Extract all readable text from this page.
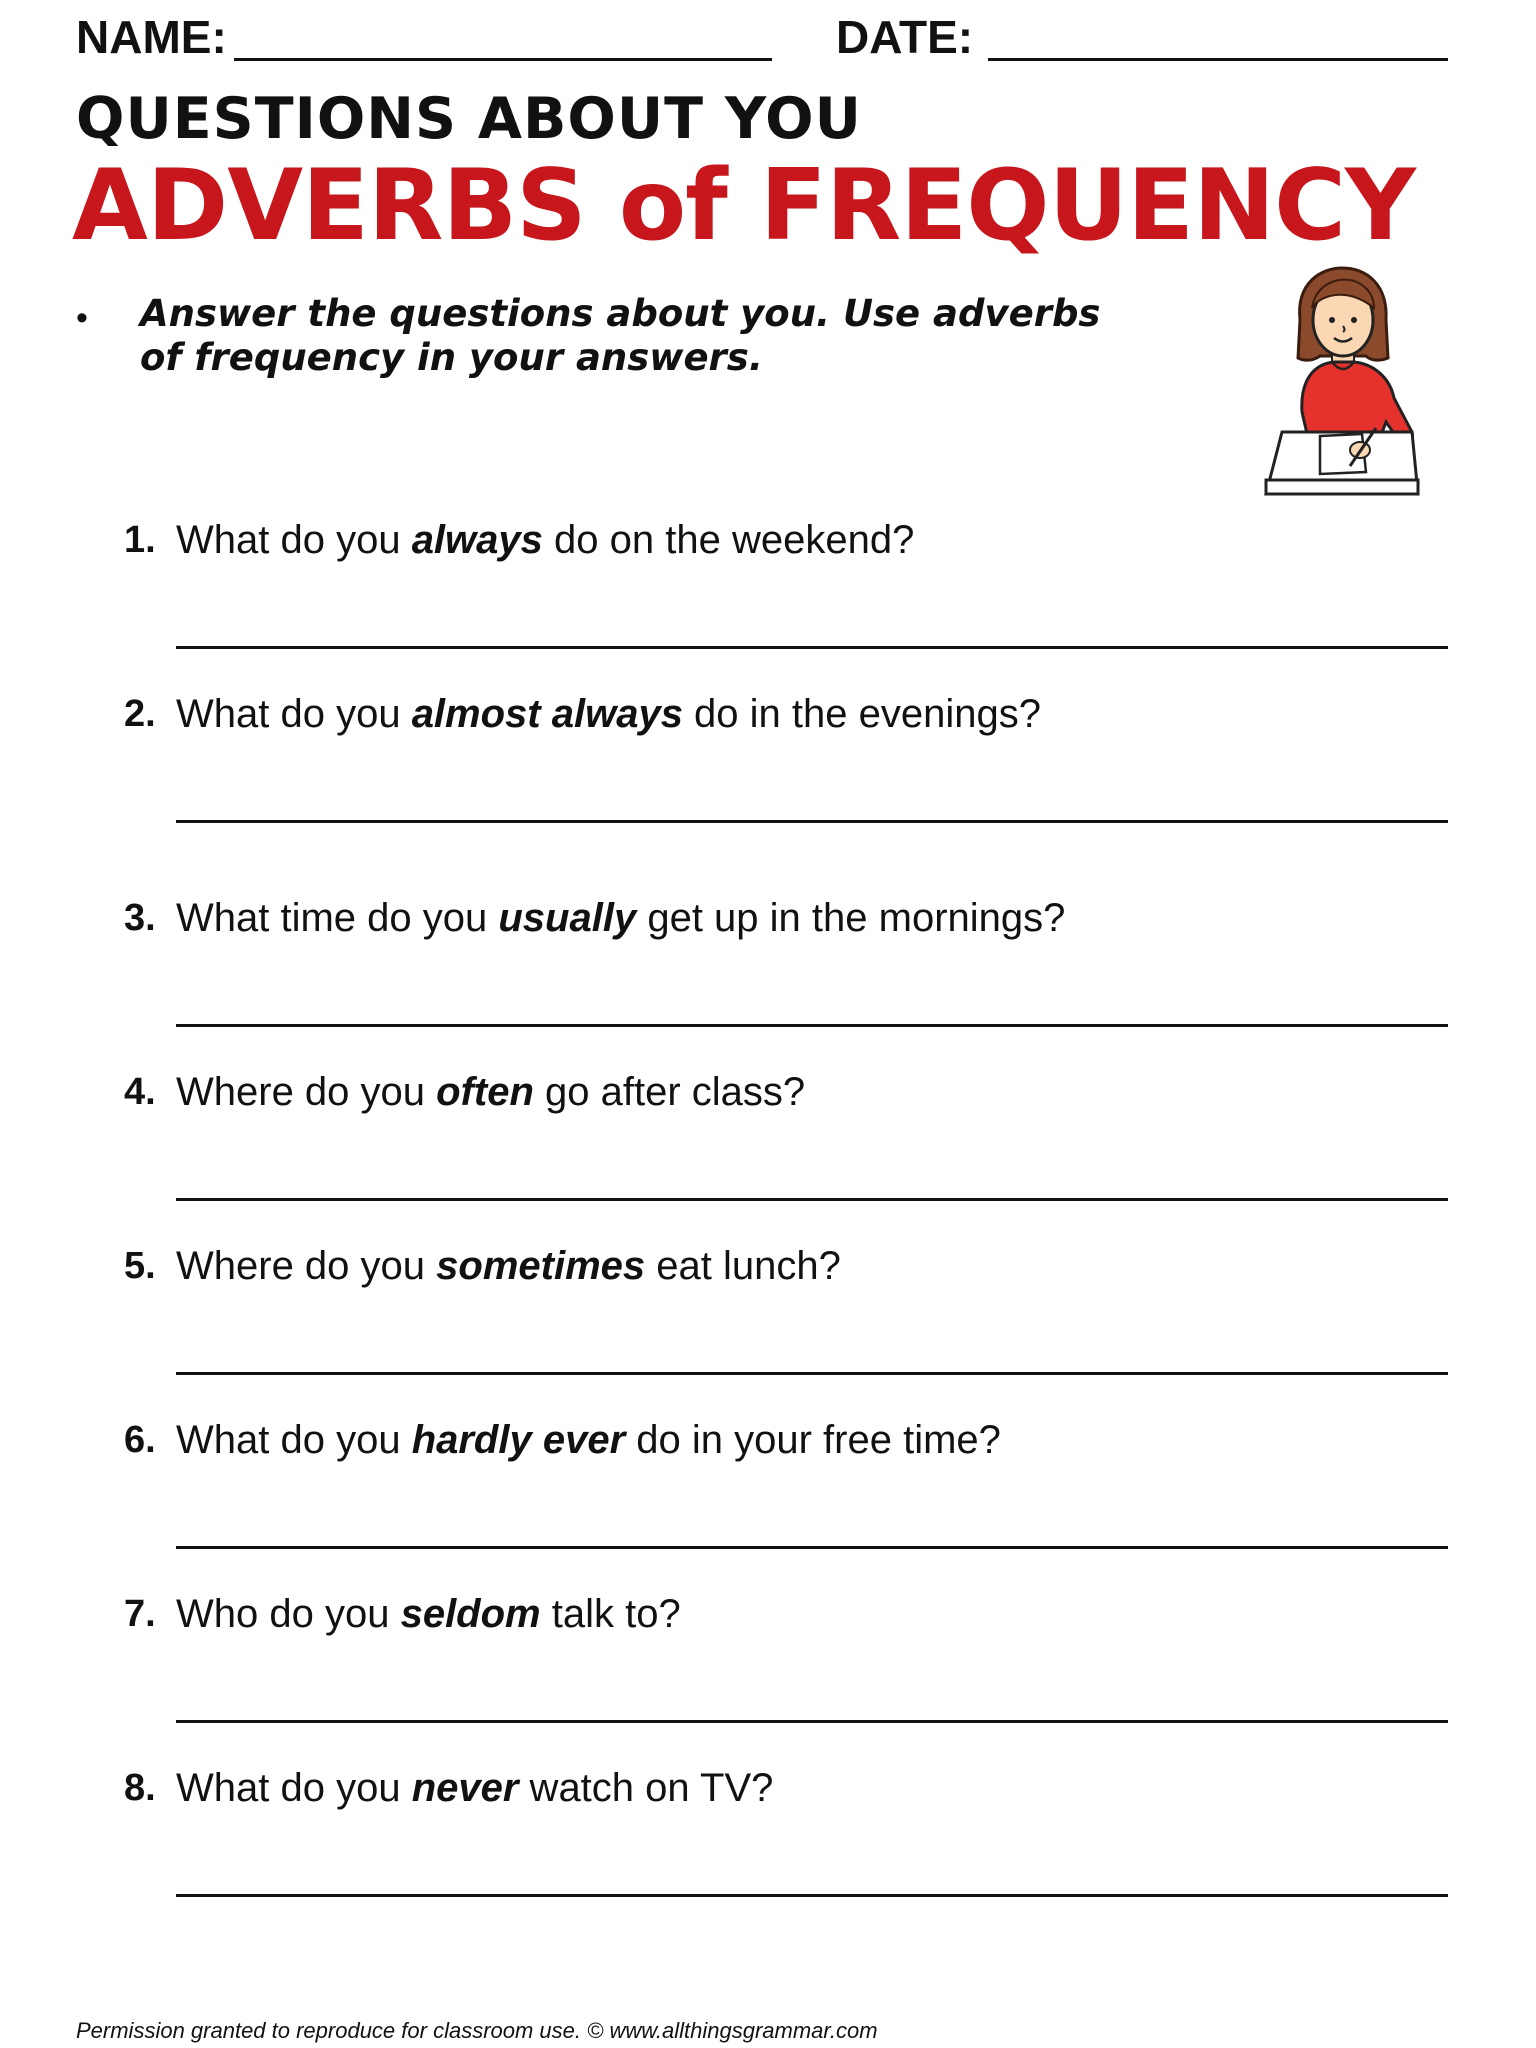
NAME:	DATE:
QUESTIONS ABOUT YOU
ADVERBS of FREQUENCY
• Answer the questions about you. Use adverbs of frequency in your answers.
1. What do you always do on the weekend?
2. What do you almost always do in the evenings?
3. What time do you usually get up in the mornings?
4. Where do you often go after class?
5. Where do you sometimes eat lunch?
6. What do you hardly ever do in your free time?
7. Who do you seldom talk to?
8. What do you never watch on TV?
Permission granted to reproduce for classroom use. © www.allthingsgrammar.com
